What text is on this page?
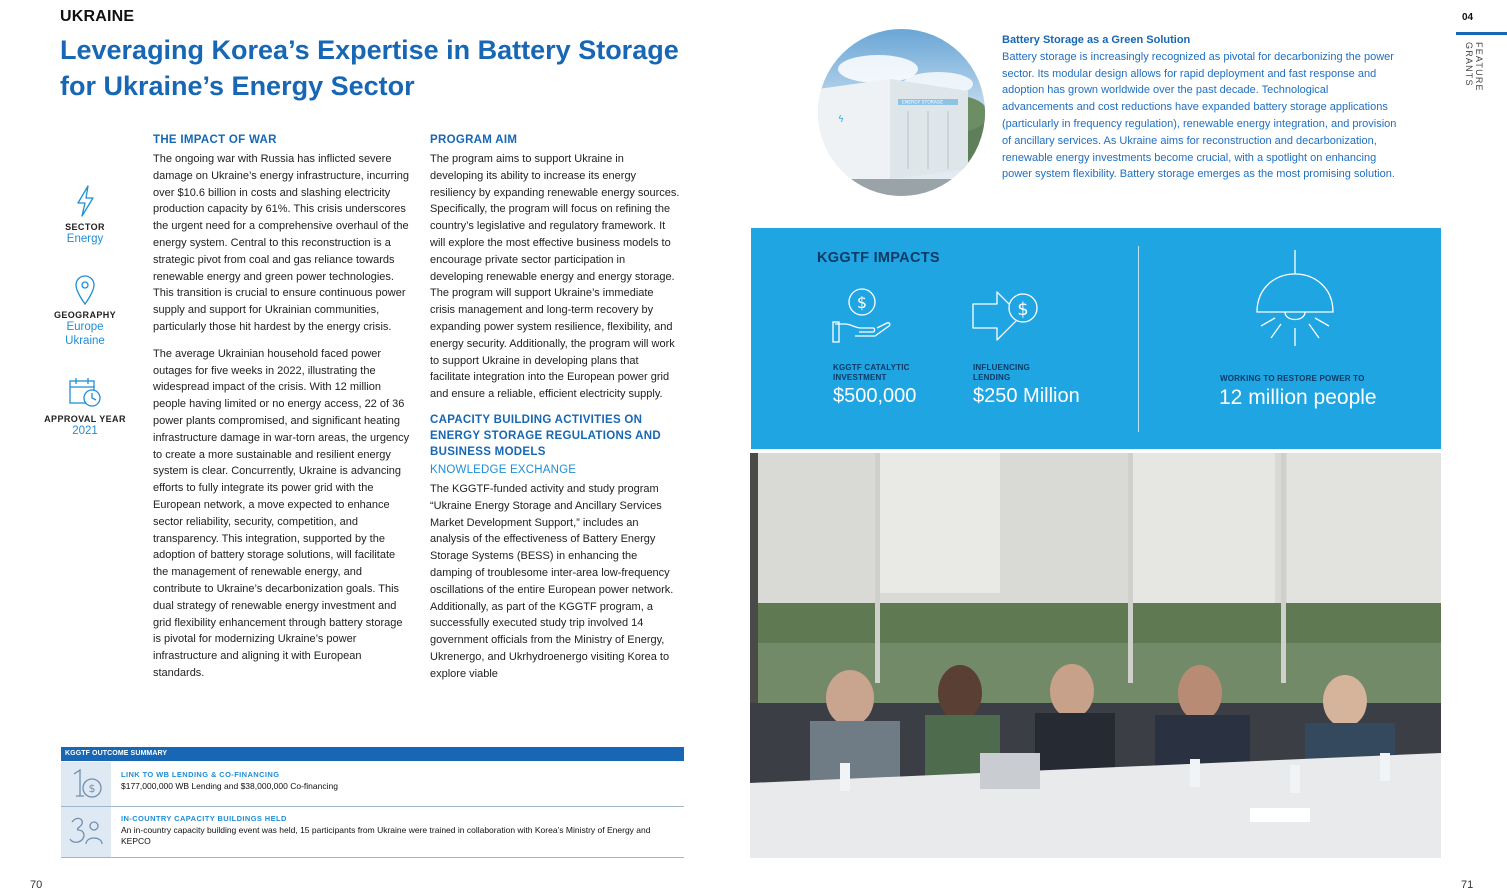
UKRAINE
Leveraging Korea’s Expertise in Battery Storage for Ukraine’s Energy Sector
SECTOR
Energy
GEOGRAPHY
Europe
Ukraine
APPROVAL YEAR
2021
THE IMPACT OF WAR

The ongoing war with Russia has inflicted severe damage on Ukraine’s energy infrastructure, incurring over $10.6 billion in costs and slashing electricity production capacity by 61%. This crisis underscores the urgent need for a comprehensive overhaul of the energy system. Central to this reconstruction is a strategic pivot from coal and gas reliance towards renewable energy and green power technologies. This transition is crucial to ensure continuous power supply and support for Ukrainian communities, particularly those hit hardest by the energy crisis.

The average Ukrainian household faced power outages for five weeks in 2022, illustrating the widespread impact of the crisis. With 12 million people having limited or no energy access, 22 of 36 power plants compromised, and significant heating infrastructure damage in war-torn areas, the urgency to create a more sustainable and resilient energy system is clear. Concurrently, Ukraine is advancing efforts to fully integrate its power grid with the European network, a move expected to enhance sector reliability, security, competition, and transparency. This integration, supported by the adoption of battery storage solutions, will facilitate the management of renewable energy, and contribute to Ukraine’s decarbonization goals. This dual strategy of renewable energy investment and grid flexibility enhancement through battery storage is pivotal for modernizing Ukraine’s power infrastructure and aligning it with European standards.

PROGRAM AIM

The program aims to support Ukraine in developing its ability to increase its energy resiliency by expanding renewable energy sources. Specifically, the program will focus on refining the country’s legislative and regulatory framework. It will explore the most effective business models to encourage private sector participation in developing renewable energy and energy storage. The program will support Ukraine’s immediate crisis management and long-term recovery by expanding power system resilience, flexibility, and energy security. Additionally, the program will work to support Ukraine in developing plans that facilitate integration into the European power grid and ensure a reliable, efficient electricity supply.

CAPACITY BUILDING ACTIVITIES ON ENERGY STORAGE REGULATIONS AND BUSINESS MODELS
KNOWLEDGE EXCHANGE

The KGGTF-funded activity and study program “Ukraine Energy Storage and Ancillary Services Market Development Support,” includes an analysis of the effectiveness of Battery Energy Storage Systems (BESS) in enhancing the damping of troublesome inter-area low-frequency oscillations of the entire European power network. Additionally, as part of the KGGTF program, a successfully executed study trip involved 14 government officials from the Ministry of Energy, Ukrenergo, and Ukrhydroenergo visiting Korea to explore viable

KGGTF OUTCOME SUMMARY
$
LINK TO WB LENDING & CO-FINANCING
$177,000,000 WB Lending and $38,000,000 Co-financing
IN-COUNTRY CAPACITY BUILDINGS HELD
An in-country capacity building event was held, 15 participants from Ukraine were trained in collaboration with Korea’s Ministry of Energy and KEPCO
70
ϟ
ENERGY STORAGE
Battery Storage as a Green Solution
Battery storage is increasingly recognized as pivotal for decarbonizing the power sector. Its modular design allows for rapid deployment and fast response and adoption has grown worldwide over the past decade. Technological advancements and cost reductions have expanded battery storage applications (particularly in frequency regulation), renewable energy integration, and provision of ancillary services. As Ukraine aims for reconstruction and decarbonization, renewable energy investments become crucial, with a spotlight on enhancing power system flexibility. Battery storage emerges as the most promising solution.
04
FEATURE GRANTS
KGGTF IMPACTS
$
KGGTF CATALYTIC
INVESTMENT
$500,000
$
INFLUENCING
LENDING
$250 Million
WORKING TO RESTORE POWER TO
12 million people
71
